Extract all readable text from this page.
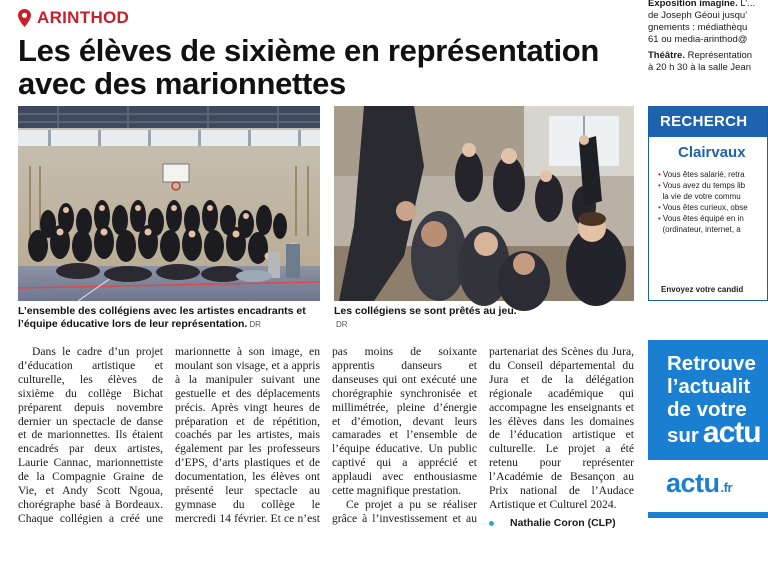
ARINTHOD
Les élèves de sixième en représentation
avec des marionnettes
L’ensemble des collégiens avec les artistes encadrants et l’équipe éducative lors de leur représentation. DR
Les collégiens se sont prêtés au jeu.
DR

Dans le cadre d’un projet d’éducation artistique et culturelle, les élèves de sixième du collège Bichat préparent depuis novembre dernier un spectacle de danse et de marionnettes. Ils étaient encadrés par deux artistes, Laurie Cannac, marionnettiste de la Compagnie Graine de Vie, et Andy Scott Ngoua, chorégraphe basé à Bordeaux. Chaque collégien a créé une marionnette à son image, en moulant son visage, et a appris à la manipuler suivant une gestuelle et des déplacements précis. Après vingt heures de préparation et de répétition, coachés par les artistes, mais également par les professeurs d’EPS, d’arts plastiques et de documentation, les élèves ont présenté leur spectacle au gymnase du collège le mercredi 14 février. Et ce n’est pas moins de soixante apprentis danseurs et danseuses qui ont exécuté une chorégraphie synchronisée et millimétrée, pleine d’énergie et d’émotion, devant leurs camarades et l’ensemble de l’équipe éducative. Un public captivé qui a apprécié et applaudi avec enthousiasme cette magnifique prestation.

Ce projet a pu se réaliser grâce à l’investissement et au partenariat des Scènes du Jura, du Conseil départemental du Jura et de la délégation régionale académique qui accompagne les enseignants et les élèves dans les domaines de l’éducation artistique et culturelle. Le projet a été retenu pour représenter l’Académie de Besançon au Prix national de l’Audace Artistique et Culturel 2024.

Nathalie Coron (CLP)
Exposition imagine. L’...
de Joseph Géoui jusqu’
gnements : médiathèqu
61 ou media-arinthod@
Théâtre. Représentation
à 20 h 30 à la salle Jean
RECHERCH
Clairvaux
• Vous êtes salarié, retra
• Vous avez du temps lib
la vie de votre commu
• Vous êtes curieux, obse
• Vous êtes équipé en in
(ordinateur, internet, a
Envoyez votre candid
Retrouve
l’actualit
de votre
sur actu
actu.fr
